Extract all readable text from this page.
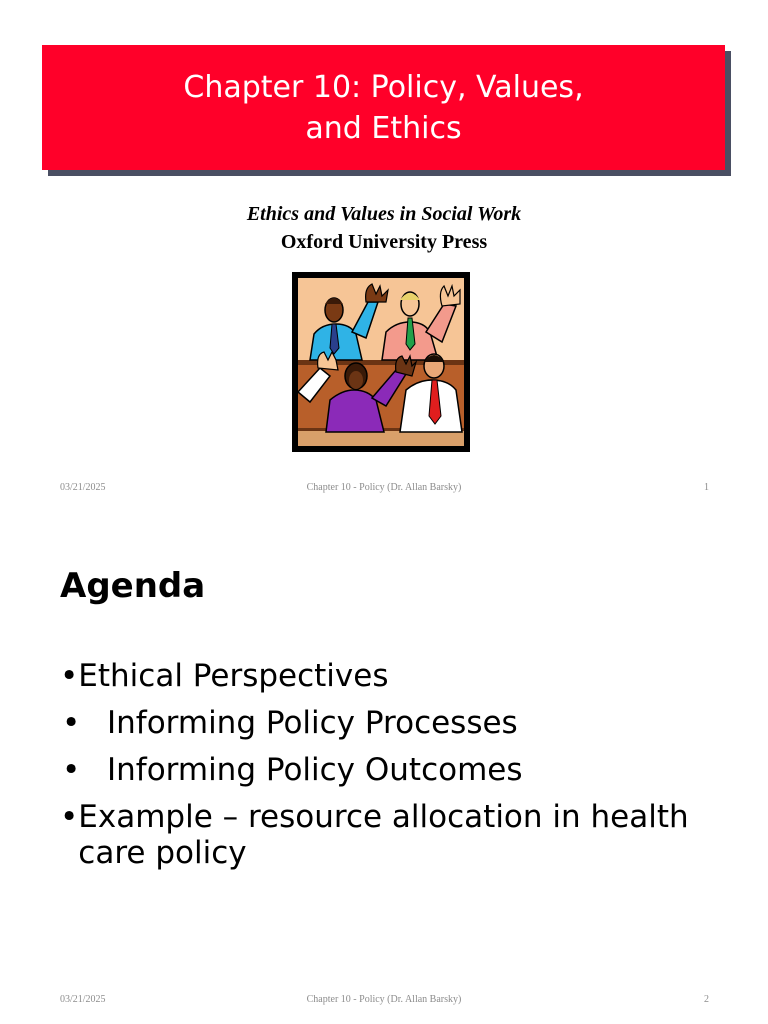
Chapter 10: Policy, Values, and Ethics
Ethics and Values in Social Work
Oxford University Press
03/21/2025	Chapter 10 - Policy (Dr. Allan Barsky)	1
Agenda
• Ethical Perspectives
• Informing Policy Processes
• Informing Policy Outcomes
• Example – resource allocation in health care policy
03/21/2025	Chapter 10 - Policy (Dr. Allan Barsky)	2
